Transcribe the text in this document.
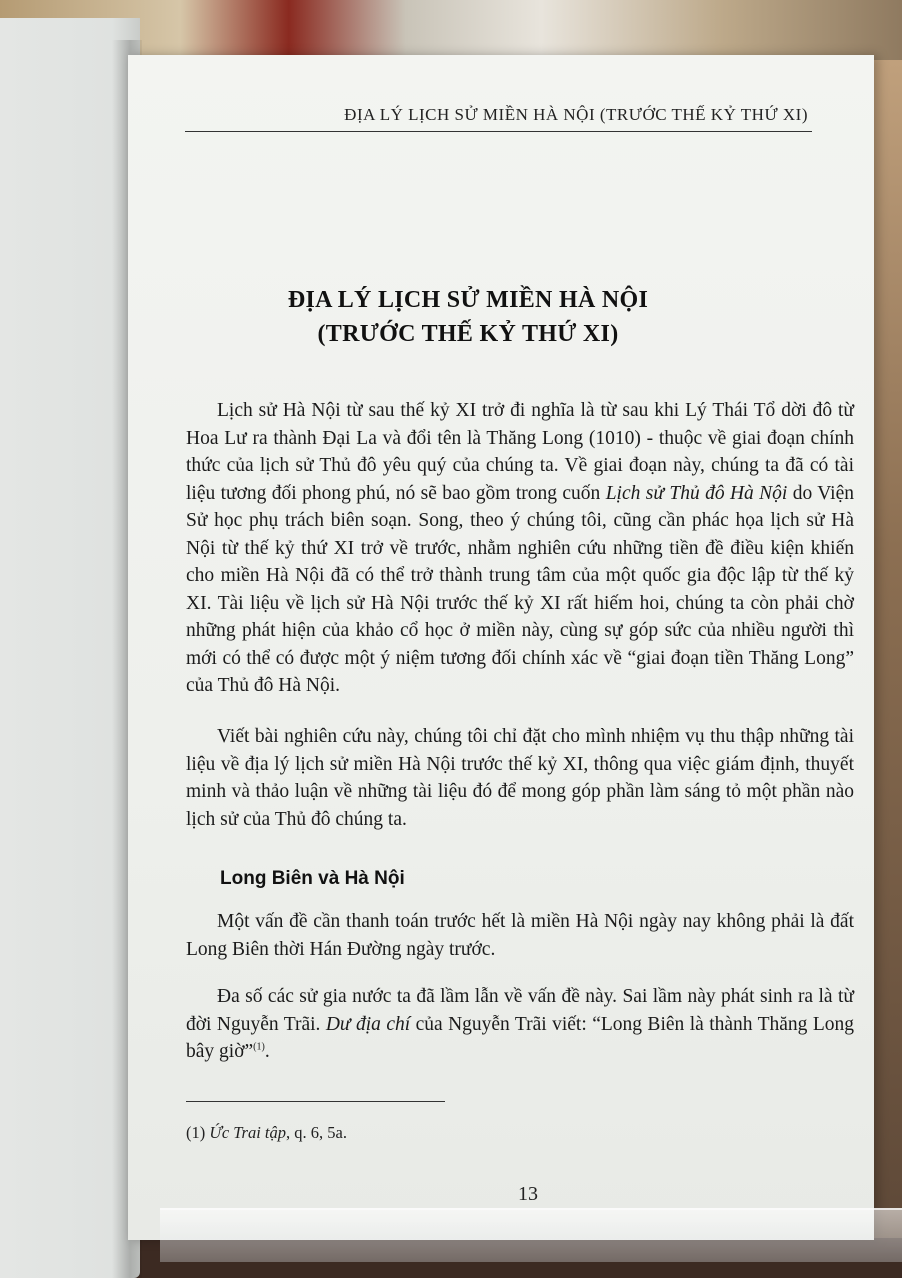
ĐỊA LÝ LỊCH SỬ MIỀN HÀ NỘI (TRƯỚC THẾ KỶ THỨ XI)
ĐỊA LÝ LỊCH SỬ MIỀN HÀ NỘI
(TRƯỚC THẾ KỶ THỨ XI)

Lịch sử Hà Nội từ sau thế kỷ XI trở đi nghĩa là từ sau khi Lý Thái Tổ dời đô từ Hoa Lư ra thành Đại La và đổi tên là Thăng Long (1010) - thuộc về giai đoạn chính thức của lịch sử Thủ đô yêu quý của chúng ta. Về giai đoạn này, chúng ta đã có tài liệu tương đối phong phú, nó sẽ bao gồm trong cuốn Lịch sử Thủ đô Hà Nội do Viện Sử học phụ trách biên soạn. Song, theo ý chúng tôi, cũng cần phác họa lịch sử Hà Nội từ thế kỷ thứ XI trở về trước, nhằm nghiên cứu những tiền đề điều kiện khiến cho miền Hà Nội đã có thể trở thành trung tâm của một quốc gia độc lập từ thế kỷ XI. Tài liệu về lịch sử Hà Nội trước thế kỷ XI rất hiếm hoi, chúng ta còn phải chờ những phát hiện của khảo cổ học ở miền này, cùng sự góp sức của nhiều người thì mới có thể có được một ý niệm tương đối chính xác về “giai đoạn tiền Thăng Long” của Thủ đô Hà Nội.

Viết bài nghiên cứu này, chúng tôi chỉ đặt cho mình nhiệm vụ thu thập những tài liệu về địa lý lịch sử miền Hà Nội trước thế kỷ XI, thông qua việc giám định, thuyết minh và thảo luận về những tài liệu đó để mong góp phần làm sáng tỏ một phần nào lịch sử của Thủ đô chúng ta.

Long Biên và Hà Nội

Một vấn đề cần thanh toán trước hết là miền Hà Nội ngày nay không phải là đất Long Biên thời Hán Đường ngày trước.

Đa số các sử gia nước ta đã lầm lẫn về vấn đề này. Sai lầm này phát sinh ra là từ đời Nguyễn Trãi. Dư địa chí của Nguyễn Trãi viết: “Long Biên là thành Thăng Long bây giờ”$^{(1)}$.

(1) Ức Trai tập, q. 6, 5a.
13
